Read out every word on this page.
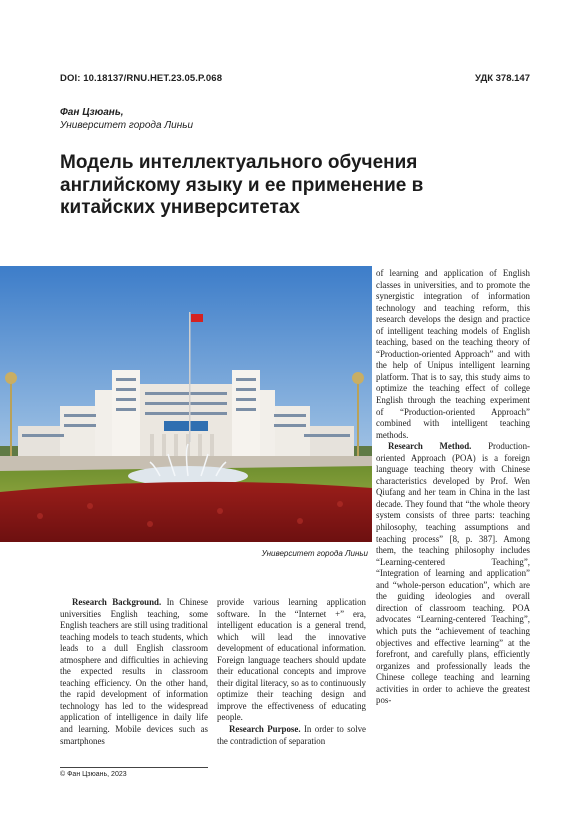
DOI: 10.18137/RNU.HET.23.05.P.068	УДК 378.147
Фан Цзюань,
Университет города Линьи
Модель интеллектуального обучения английскому языку и ее применение в китайских университетах
Университет города Линьи

Research Background. In Chinese universities English teaching, some English teachers are still using traditional teaching models to teach students, which leads to a dull English classroom atmosphere and difficulties in achieving the expected results in classroom teaching efficiency. On the other hand, the rapid development of information technology has led to the widespread application of intelligence in daily life and learning. Mobile devices such as smartphones

provide various learning application software. In the “Internet +” era, intelligent education is a general trend, which will lead the innovative development of educational information. Foreign language teachers should update their educational concepts and improve their digital literacy, so as to continuously optimize their teaching design and improve the effectiveness of educating people.

Research Purpose. In order to solve the contradiction of separation

of learning and application of English classes in universities, and to promote the synergistic integration of information technology and teaching reform, this research develops the design and practice of intelligent teaching models of English teaching, based on the teaching theory of “Production-oriented Approach” and with the help of Unipus intelligent learning platform. That is to say, this study aims to optimize the teaching effect of college English through the teaching experiment of “Production-oriented Approach” combined with intelligent teaching methods.

Research Method. Production-oriented Approach (POA) is a foreign language teaching theory with Chinese characteristics developed by Prof. Wen Qiufang and her team in China in the last decade. They found that “the whole theory system consists of three parts: teaching philosophy, teaching assumptions and teaching process” [8, p. 387]. Among them, the teaching philosophy includes “Learning-centered Teaching”, “Integration of learning and application” and “whole-person education”, which are the guiding ideologies and overall direction of classroom teaching. POA advocates “Learning-centered Teaching”, which puts the “achievement of teaching objectives and effective learning” at the forefront, and carefully plans, efficiently organizes and professionally leads the Chinese college teaching and learning activities in order to achieve the greatest pos-

© Фан Цзюань, 2023
